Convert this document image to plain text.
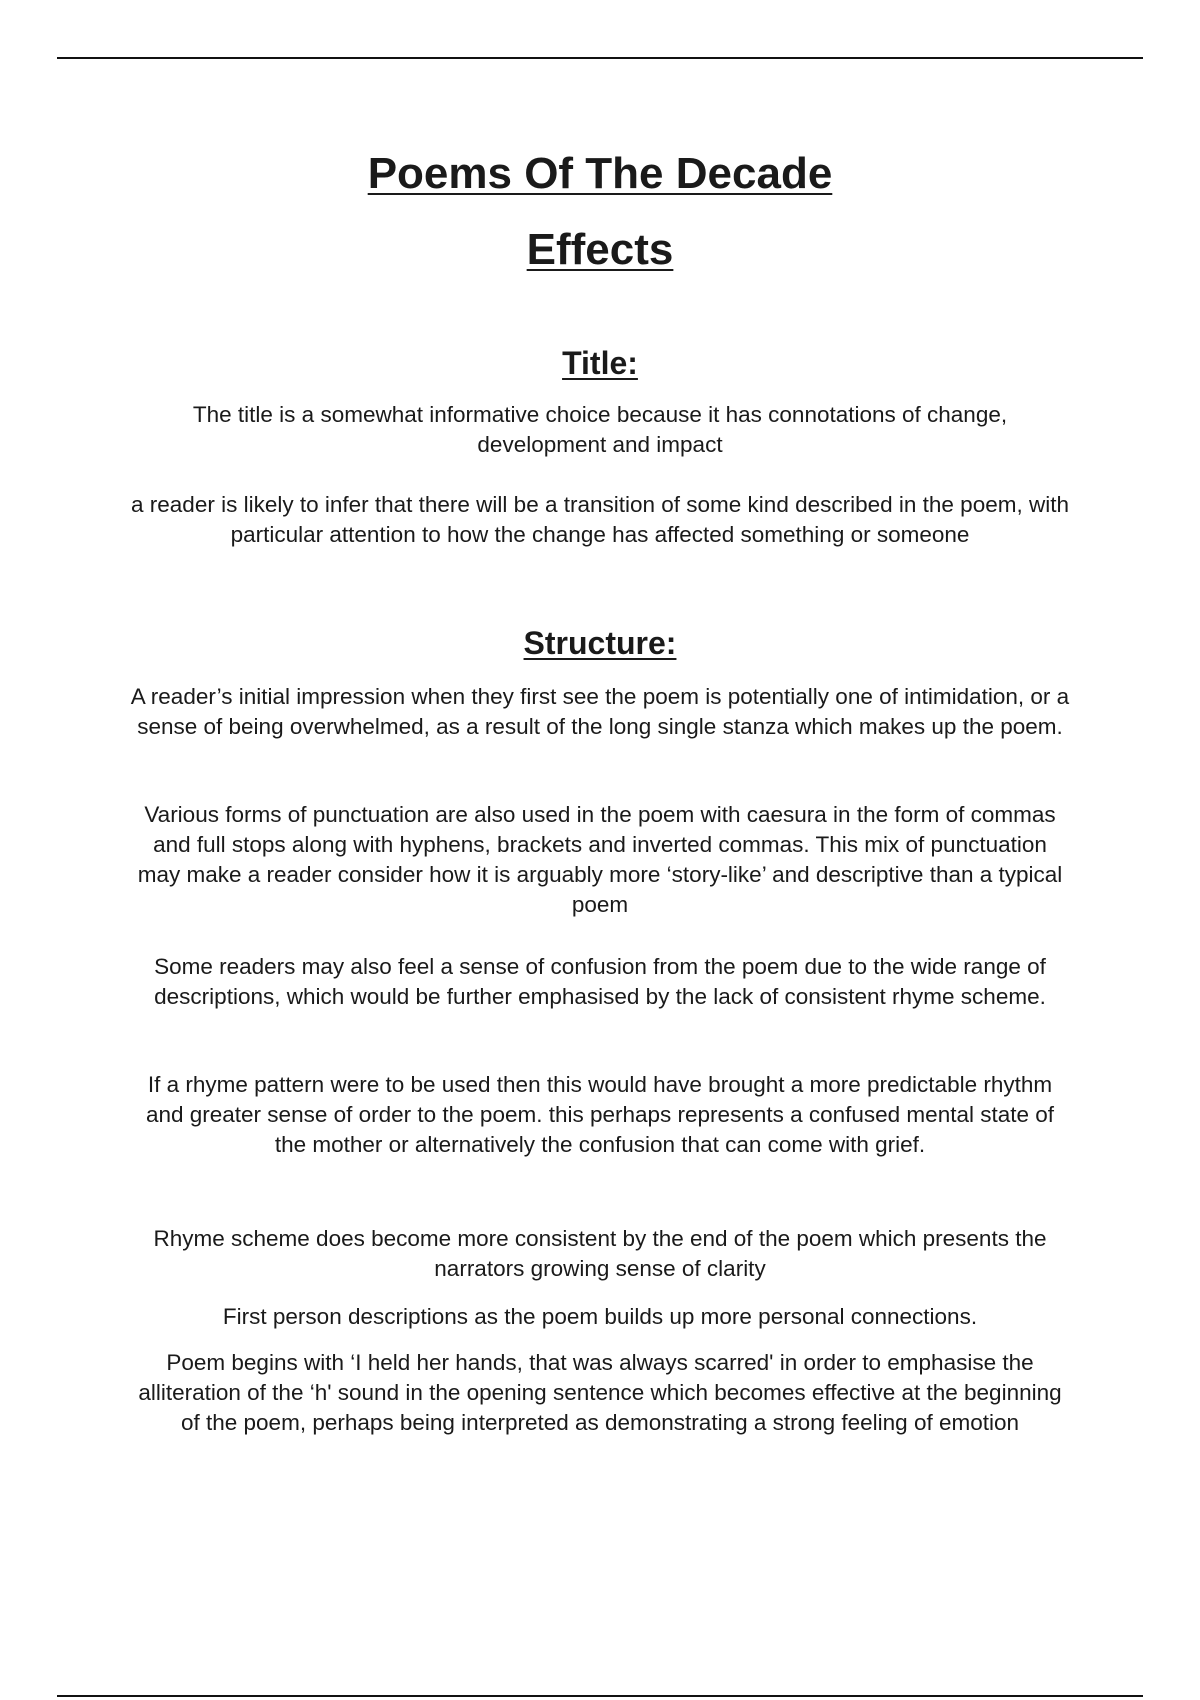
Poems Of The Decade
Effects
Title:

The title is a somewhat informative choice because it has connotations of change, development and impact

a reader is likely to infer that there will be a transition of some kind described in the poem, with particular attention to how the change has affected something or someone

Structure:

A reader’s initial impression when they first see the poem is potentially one of intimidation, or a sense of being overwhelmed, as a result of the long single stanza which makes up the poem.

Various forms of punctuation are also used in the poem with caesura in the form of commas and full stops along with hyphens, brackets and inverted commas. This mix of punctuation may make a reader consider how it is arguably more ‘story-like’ and descriptive than a typical poem

Some readers may also feel a sense of confusion from the poem due to the wide range of descriptions, which would be further emphasised by the lack of consistent rhyme scheme.

If a rhyme pattern were to be used then this would have brought a more predictable rhythm and greater sense of order to the poem. this perhaps represents a confused mental state of the mother or alternatively the confusion that can come with grief.

Rhyme scheme does become more consistent by the end of the poem which presents the narrators growing sense of clarity

First person descriptions as the poem builds up more personal connections.

Poem begins with ‘I held her hands, that was always scarred' in order to emphasise the alliteration of the ‘h' sound in the opening sentence which becomes effective at the beginning of the poem, perhaps being interpreted as demonstrating a strong feeling of emotion
